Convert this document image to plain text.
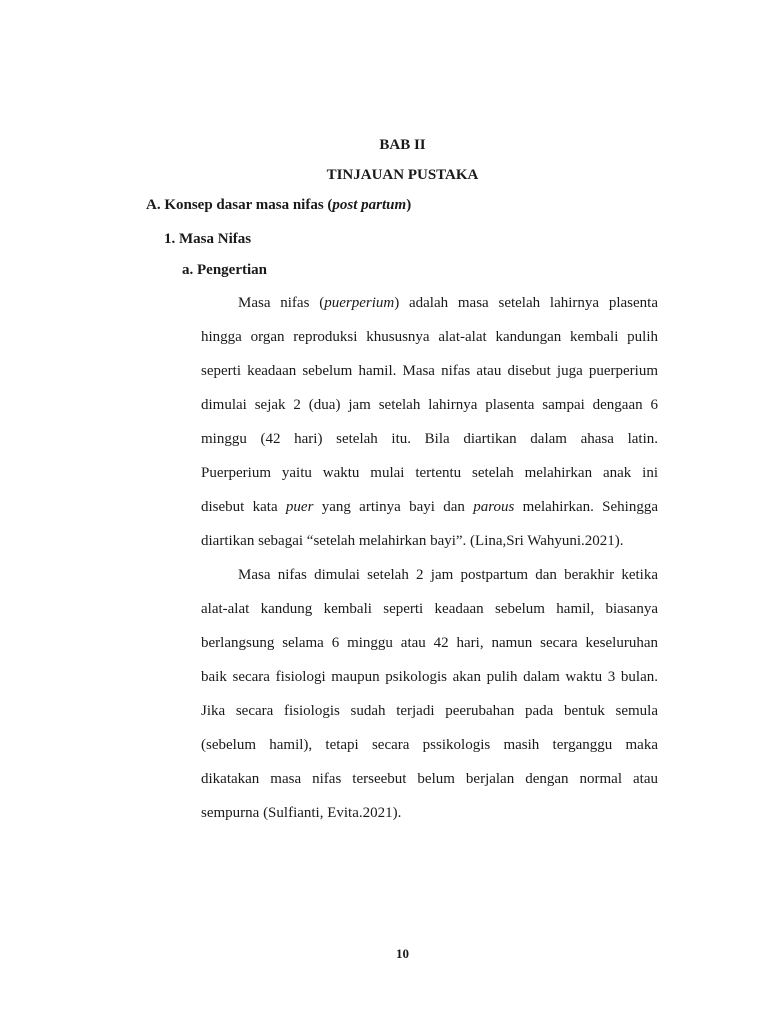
BAB II
TINJAUAN PUSTAKA
A. Konsep dasar masa nifas (post partum)
1. Masa Nifas
a. Pengertian
Masa nifas (puerperium) adalah masa setelah lahirnya plasenta
hingga organ reproduksi khususnya alat-alat kandungan kembali pulih
seperti keadaan sebelum hamil. Masa nifas atau disebut juga puerperium
dimulai sejak 2 (dua) jam setelah lahirnya plasenta sampai dengaan 6
minggu (42 hari) setelah itu. Bila diartikan dalam ahasa latin.
Puerperium yaitu waktu mulai tertentu setelah melahirkan anak ini
disebut kata puer yang artinya bayi dan parous melahirkan. Sehingga
diartikan sebagai “setelah melahirkan bayi”. (Lina,Sri Wahyuni.2021).
Masa nifas dimulai setelah 2 jam postpartum dan berakhir ketika
alat-alat kandung kembali seperti keadaan sebelum hamil, biasanya
berlangsung selama 6 minggu atau 42 hari, namun secara keseluruhan
baik secara fisiologi maupun psikologis akan pulih dalam waktu 3 bulan.
Jika secara fisiologis sudah terjadi peerubahan pada bentuk semula
(sebelum hamil), tetapi secara pssikologis masih terganggu maka
dikatakan masa nifas terseebut belum berjalan dengan normal atau
sempurna (Sulfianti, Evita.2021).
10
